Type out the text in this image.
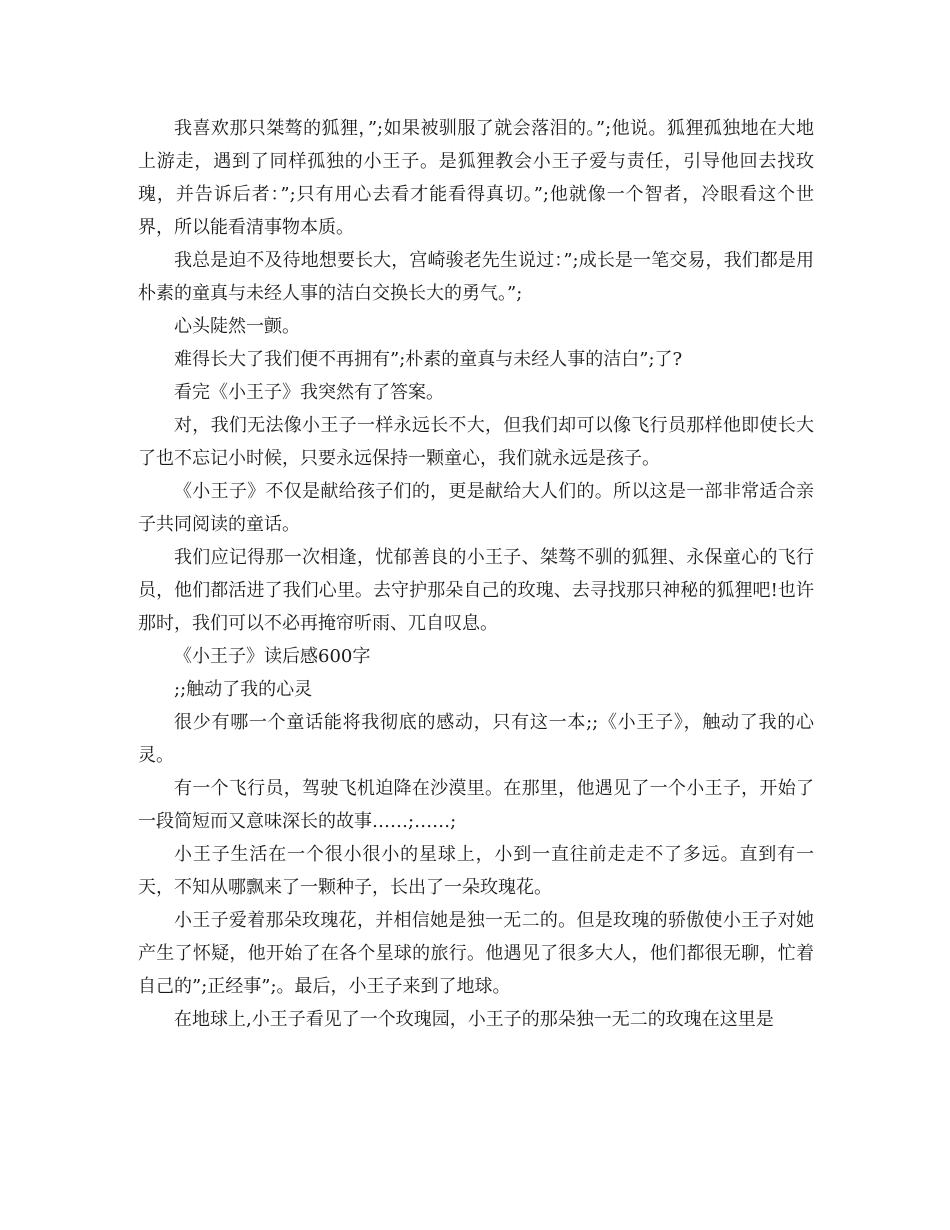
我喜欢那只桀骜的狐狸，”;如果被驯服了就会落泪的。”;他说。狐狸孤独地在大地上游走，遇到了同样孤独的小王子。是狐狸教会小王子爱与责任，引导他回去找玫瑰，并告诉后者：”;只有用心去看才能看得真切。”;他就像一个智者，冷眼看这个世界，所以能看清事物本质。

我总是迫不及待地想要长大，宫崎骏老先生说过：”;成长是一笔交易，我们都是用朴素的童真与未经人事的洁白交换长大的勇气。”;

心头陡然一颤。

难得长大了我们便不再拥有”;朴素的童真与未经人事的洁白”;了?

看完《小王子》我突然有了答案。

对，我们无法像小王子一样永远长不大，但我们却可以像飞行员那样他即使长大了也不忘记小时候，只要永远保持一颗童心，我们就永远是孩子。

《小王子》不仅是献给孩子们的，更是献给大人们的。所以这是一部非常适合亲子共同阅读的童话。

我们应记得那一次相逢，忧郁善良的小王子、桀骜不驯的狐狸、永保童心的飞行员，他们都活进了我们心里。去守护那朵自己的玫瑰、去寻找那只神秘的狐狸吧!也许那时，我们可以不必再掩帘听雨、兀自叹息。

《小王子》读后感600字

;;触动了我的心灵

很少有哪一个童话能将我彻底的感动，只有这一本;;《小王子》，触动了我的心灵。

有一个飞行员，驾驶飞机迫降在沙漠里。在那里，他遇见了一个小王子，开始了一段简短而又意味深长的故事……;……;

小王子生活在一个很小很小的星球上，小到一直往前走走不了多远。直到有一天，不知从哪飘来了一颗种子，长出了一朵玫瑰花。

小王子爱着那朵玫瑰花，并相信她是独一无二的。但是玫瑰的骄傲使小王子对她产生了怀疑，他开始了在各个星球的旅行。他遇见了很多大人，他们都很无聊，忙着自己的”;正经事”;。最后，小王子来到了地球。

在地球上,小王子看见了一个玫瑰园，小王子的那朵独一无二的玫瑰在这里是
